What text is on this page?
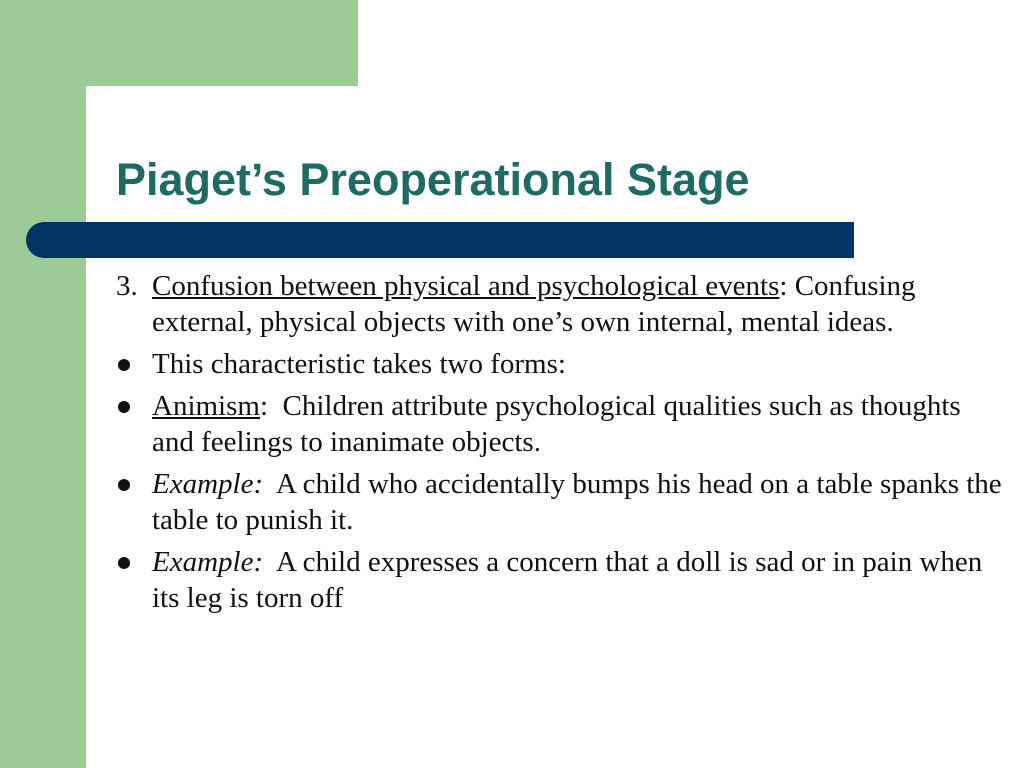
Piaget’s Preoperational Stage
3. Confusion between physical and psychological events: Confusing external, physical objects with one’s own internal, mental ideas.
This characteristic takes two forms:
Animism:  Children attribute psychological qualities such as thoughts and feelings to inanimate objects.
Example:  A child who accidentally bumps his head on a table spanks the table to punish it.
Example:  A child expresses a concern that a doll is sad or in pain when its leg is torn off
